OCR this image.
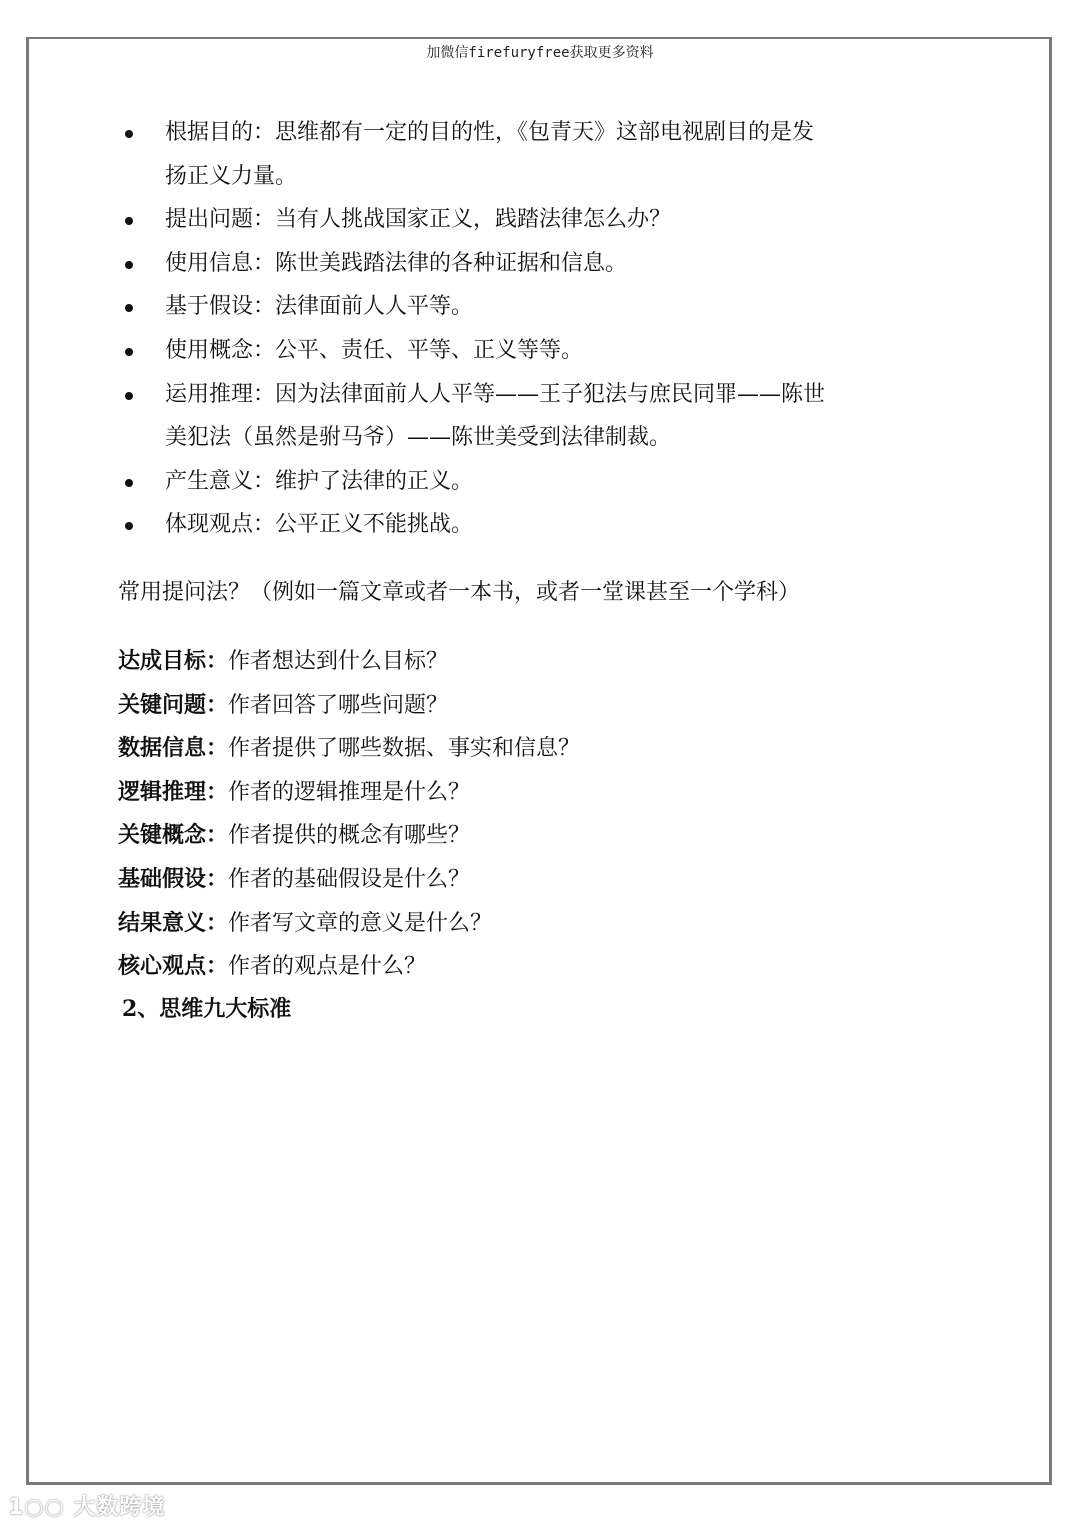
加微信firefuryfree获取更多资料
根据目的：思维都有一定的目的性，《包青天》这部电视剧目的是发
扬正义力量。
提出问题：当有人挑战国家正义，践踏法律怎么办？
使用信息：陈世美践踏法律的各种证据和信息。
基于假设：法律面前人人平等。
使用概念：公平、责任、平等、正义等等。
运用推理：因为法律面前人人平等——王子犯法与庶民同罪——陈世
美犯法（虽然是驸马爷）——陈世美受到法律制裁。
产生意义：维护了法律的正义。
体现观点：公平正义不能挑战。
常用提问法？（例如一篇文章或者一本书，或者一堂课甚至一个学科）
达成目标：作者想达到什么目标？
关键问题：作者回答了哪些问题？
数据信息：作者提供了哪些数据、事实和信息？
逻辑推理：作者的逻辑推理是什么？
关键概念：作者提供的概念有哪些？
基础假设：作者的基础假设是什么？
结果意义：作者写文章的意义是什么？
核心观点：作者的观点是什么？
2、思维九大标准
1○○ 大数跨境
